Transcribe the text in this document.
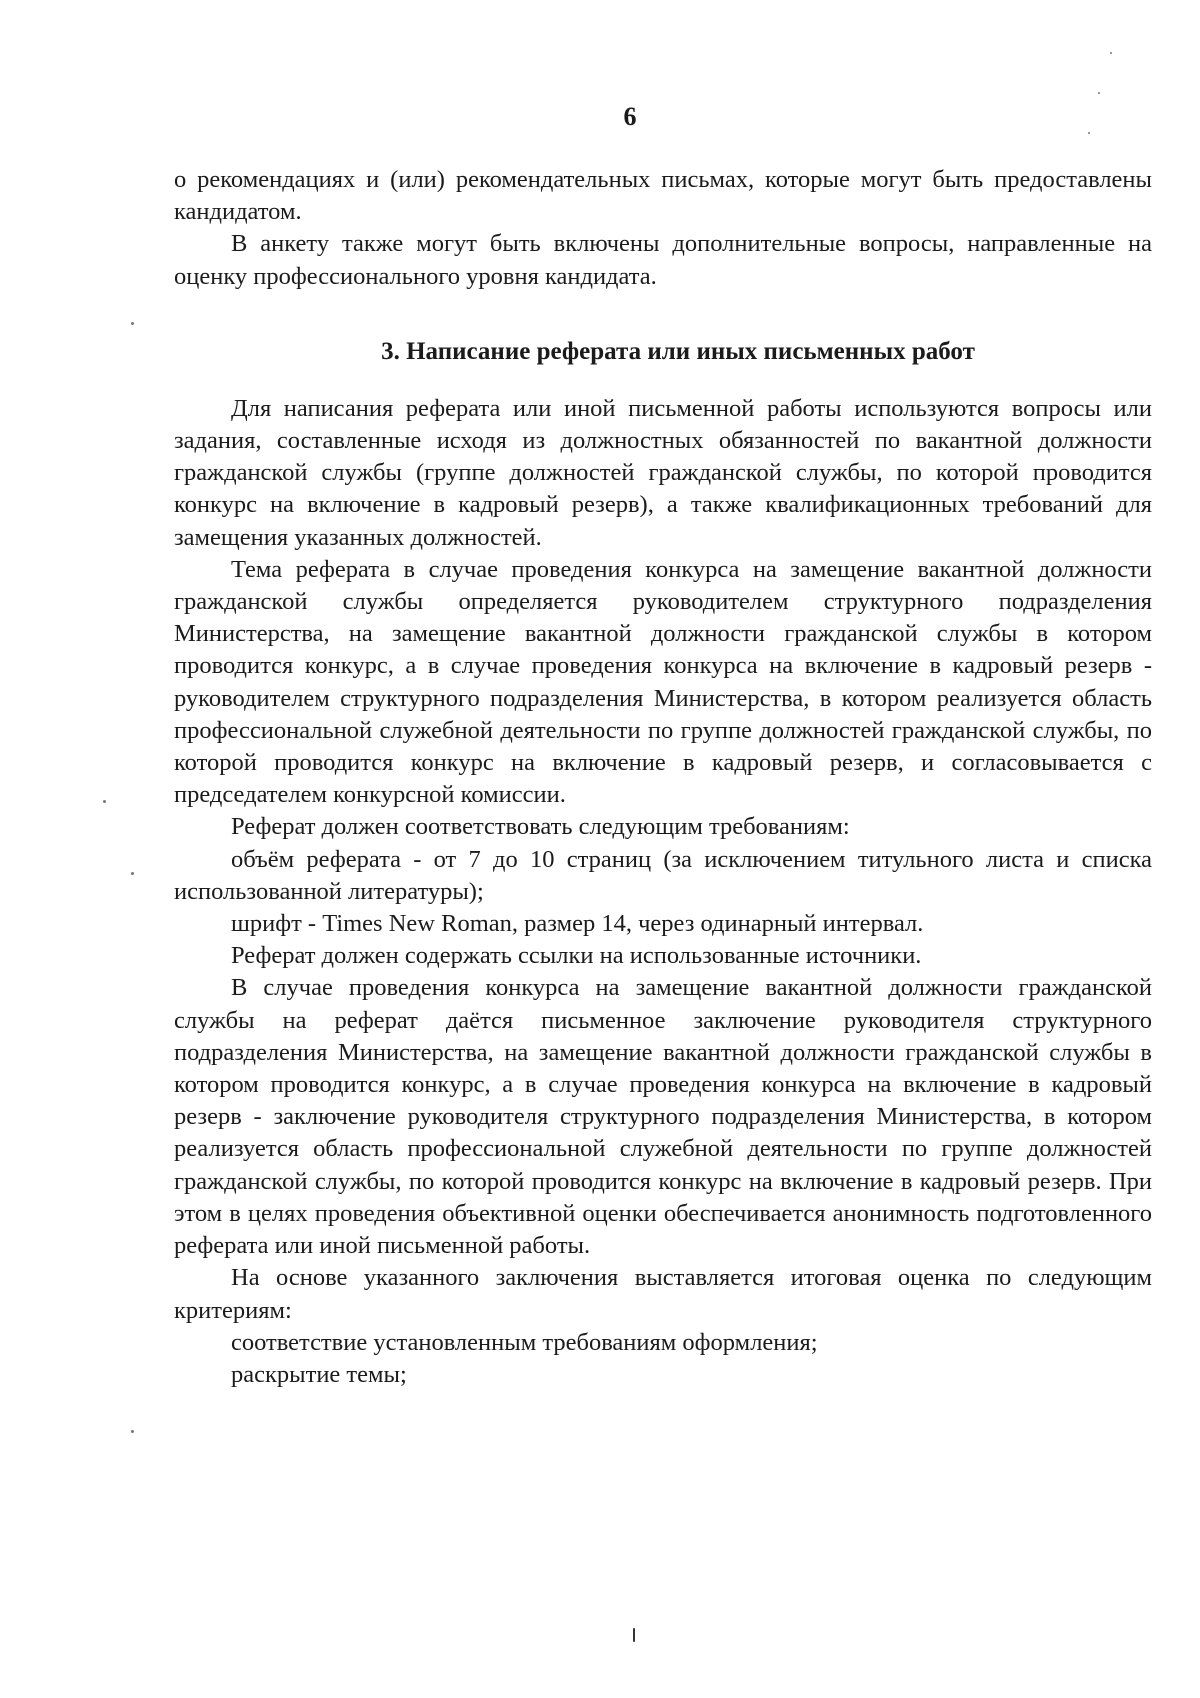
6

о рекомендациях и (или) рекомендательных письмах, которые могут быть предоставлены кандидатом.

В анкету также могут быть включены дополнительные вопросы, направленные на оценку профессионального уровня кандидата.

3. Написание реферата или иных письменных работ

Для написания реферата или иной письменной работы используются вопросы или задания, составленные исходя из должностных обязанностей по вакантной должности гражданской службы (группе должностей гражданской службы, по которой проводится конкурс на включение в кадровый резерв), а также квалификационных требований для замещения указанных должностей.

Тема реферата в случае проведения конкурса на замещение вакантной должности гражданской службы определяется руководителем структурного подразделения Министерства, на замещение вакантной должности гражданской службы в котором проводится конкурс, а в случае проведения конкурса на включение в кадровый резерв - руководителем структурного подразделения Министерства, в котором реализуется область профессиональной служебной деятельности по группе должностей гражданской службы, по которой проводится конкурс на включение в кадровый резерв, и согласовывается с председателем конкурсной комиссии.

Реферат должен соответствовать следующим требованиям:

объём реферата - от 7 до 10 страниц (за исключением титульного листа и списка использованной литературы);

шрифт - Times New Roman, размер 14, через одинарный интервал.

Реферат должен содержать ссылки на использованные источники.

В случае проведения конкурса на замещение вакантной должности гражданской службы на реферат даётся письменное заключение руководителя структурного подразделения Министерства, на замещение вакантной должности гражданской службы в котором проводится конкурс, а в случае проведения конкурса на включение в кадровый резерв - заключение руководителя структурного подразделения Министерства, в котором реализуется область профессиональной служебной деятельности по группе должностей гражданской службы, по которой проводится конкурс на включение в кадровый резерв. При этом в целях проведения объективной оценки обеспечивается анонимность подготовленного реферата или иной письменной работы.

На основе указанного заключения выставляется итоговая оценка по следующим критериям:

соответствие установленным требованиям оформления;

раскрытие темы;
